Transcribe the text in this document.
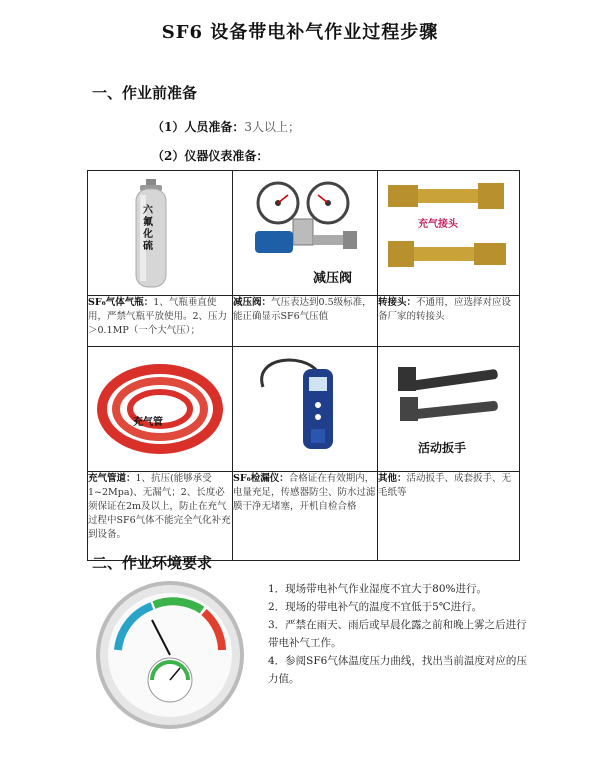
SF6 设备带电补气作业过程步骤
一、作业前准备
（1）人员准备：3人以上；
（2）仪器仪表准备：
六氟化硫	减压阀	充气接头

SF₆气体气瓶：1、气瓶垂直使用，严禁气瓶平放使用。2、压力＞0.1MP（一个大气压）；	减压阀：气压表达到0.5级标准，能正确显示SF6气压值	转接头：不通用，应选择对应设备厂家的转接头

充气管		活动扳手

充气管道：1、抗压(能够承受1~2Mpa)、无漏气；2、长度必须保证在2m及以上，防止在充气过程中SF6气体不能完全气化补充到设备。	SF₆检漏仪：合格证在有效期内，电量充足，传感器防尘、防水过滤膜干净无堵塞，开机自检合格	其他：活动扳手、成套扳手、无毛纸等
二、作业环境要求
1．现场带电补气作业湿度不宜大于80%进行。
2．现场的带电补气的温度不宜低于5℃进行。
3．严禁在雨天、雨后或早晨化露之前和晚上雾之后进行带电补气工作。
4．参阅SF6气体温度压力曲线，找出当前温度对应的压力值。
